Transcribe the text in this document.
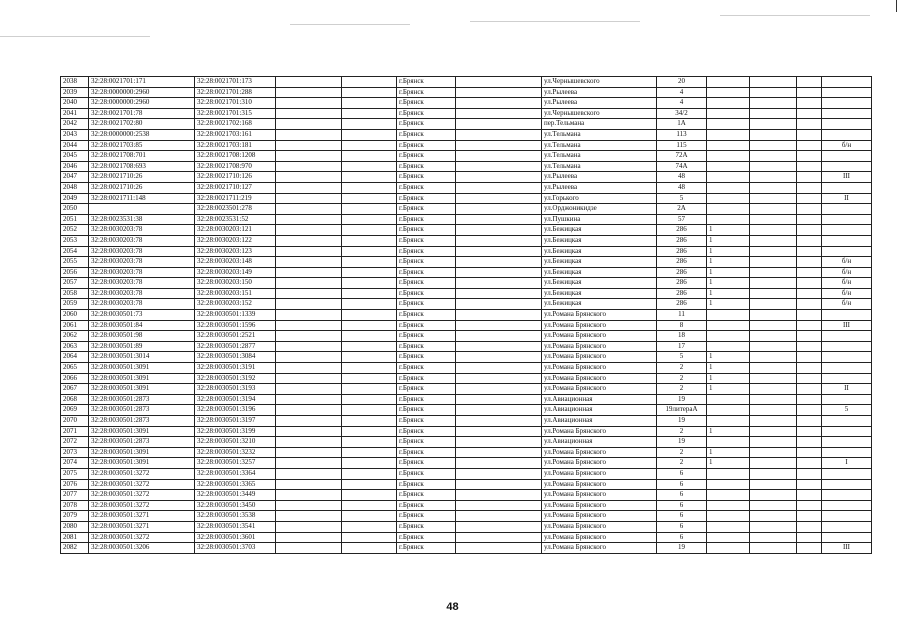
2038	32:28:0021701:171	32:28:0021701:173			г.Брянск		ул.Чернышевского	20				
2039	32:28:0000000:2960	32:28:0021701:288			г.Брянск		ул.Рылеева	4				
2040	32:28:0000000:2960	32:28:0021701:310			г.Брянск		ул.Рылеева	4				
2041	32:28:0021701:78	32:28:0021701:315			г.Брянск		ул.Чернышевского	34/2				
2042	32:28:0021702:80	32:28:0021702:168			г.Брянск		пер.Тельмана	1А				
2043	32:28:0000000:2538	32:28:0021703:161			г.Брянск		ул.Тельмана	113				
2044	32:28:0021703:85	32:28:0021703:181			г.Брянск		ул.Тельмана	115				б/н
2045	32:28:0021708:701	32:28:0021708:1208			г.Брянск		ул.Тельмана	72А				
2046	32:28:0021708:693	32:28:0021708:970			г.Брянск		ул.Тельмана	74А				
2047	32:28:0021710:26	32:28:0021710:126			г.Брянск		ул.Рылеева	48				III
2048	32:28:0021710:26	32:28:0021710:127			г.Брянск		ул.Рылеева	48				
2049	32:28:0021711:148	32:28:0021711:219			г.Брянск		ул.Горького	5				II
2050		32:28:0023501:278			г.Брянск		ул.Орджоникидзе	2А				
2051	32:28:0023531:38	32:28:0023531:52			г.Брянск		ул.Пушкина	57				
2052	32:28:0030203:78	32:28:0030203:121			г.Брянск		ул.Бежицкая	286	1			
2053	32:28:0030203:78	32:28:0030203:122			г.Брянск		ул.Бежицкая	286	1			
2054	32:28:0030203:78	32:28:0030203:123			г.Брянск		ул.Бежицкая	286	1			
2055	32:28:0030203:78	32:28:0030203:148			г.Брянск		ул.Бежицкая	286	1			б/н
2056	32:28:0030203:78	32:28:0030203:149			г.Брянск		ул.Бежицкая	286	1			б/н
2057	32:28:0030203:78	32:28:0030203:150			г.Брянск		ул.Бежицкая	286	1			б/н
2058	32:28:0030203:78	32:28:0030203:151			г.Брянск		ул.Бежицкая	286	1			б/н
2059	32:28:0030203:78	32:28:0030203:152			г.Брянск		ул.Бежицкая	286	1			б/н
2060	32:28:0030501:73	32:28:0030501:1339			г.Брянск		ул.Романа Брянского	11				
2061	32:28:0030501:84	32:28:0030501:1596			г.Брянск		ул.Романа Брянского	8				III
2062	32:28:0030501:98	32:28:0030501:2521			г.Брянск		ул.Романа Брянского	18				
2063	32:28:0030501:89	32:28:0030501:2877			г.Брянск		ул.Романа Брянского	17				
2064	32:28:0030501:3014	32:28:0030501:3084			г.Брянск		ул.Романа Брянского	5	1			
2065	32:28:0030501:3091	32:28:0030501:3191			г.Брянск		ул.Романа Брянского	2	1			
2066	32:28:0030501:3091	32:28:0030501:3192			г.Брянск		ул.Романа Брянского	2	1			
2067	32:28:0030501:3091	32:28:0030501:3193			г.Брянск		ул.Романа Брянского	2	1			II
2068	32:28:0030501:2873	32:28:0030501:3194			г.Брянск		ул.Авиационная	19				
2069	32:28:0030501:2873	32:28:0030501:3196			г.Брянск		ул.Авиационная	19литераА				5
2070	32:28:0030501:2873	32:28:0030501:3197			г.Брянск		ул.Авиационная	19				
2071	32:28:0030501:3091	32:28:0030501:3199			г.Брянск		ул.Романа Брянского	2	1			
2072	32:28:0030501:2873	32:28:0030501:3210			г.Брянск		ул.Авиационная	19				
2073	32:28:0030501:3091	32:28:0030501:3232			г.Брянск		ул.Романа Брянского	2	1			
2074	32:28:0030501:3091	32:28:0030501:3257			г.Брянск		ул.Романа Брянского	2	1			I
2075	32:28:0030501:3272	32:28:0030501:3364			г.Брянск		ул.Романа Брянского	6				
2076	32:28:0030501:3272	32:28:0030501:3365			г.Брянск		ул.Романа Брянского	6				
2077	32:28:0030501:3272	32:28:0030501:3449			г.Брянск		ул.Романа Брянского	6				
2078	32:28:0030501:3272	32:28:0030501:3450			г.Брянск		ул.Романа Брянского	6				
2079	32:28:0030501:3271	32:28:0030501:3538			г.Брянск		ул.Романа Брянского	6				
2080	32:28:0030501:3271	32:28:0030501:3541			г.Брянск		ул.Романа Брянского	6				
2081	32:28:0030501:3272	32:28:0030501:3601			г.Брянск		ул.Романа Брянского	6				
2082	32:28:0030501:3206	32:28:0030501:3703			г.Брянск		ул.Романа Брянского	19				III
48
